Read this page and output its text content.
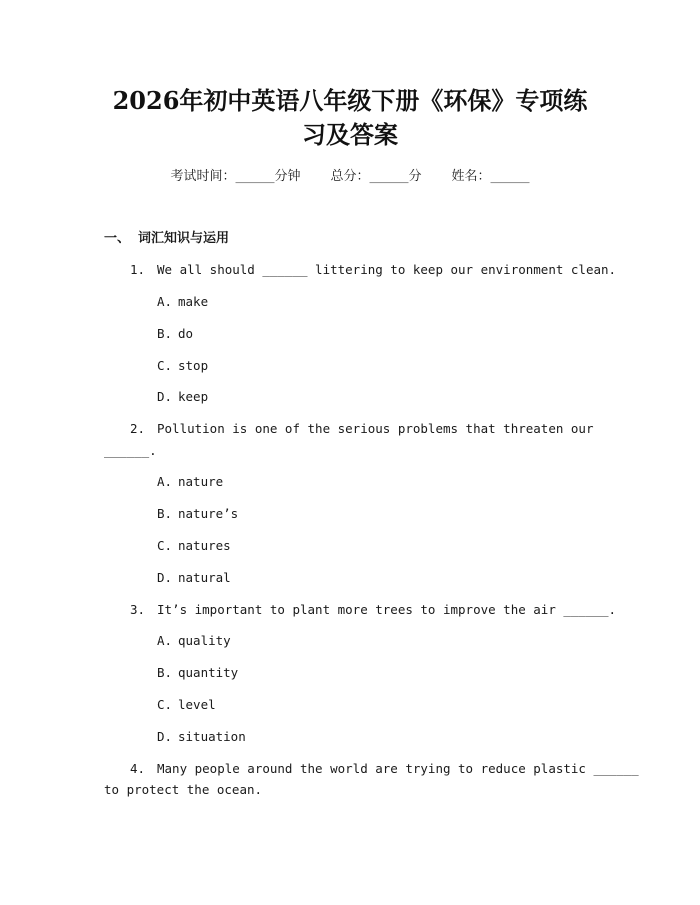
2026年初中英语八年级下册《环保》专项练
习及答案
考试时间：______分钟 总分：______分 姓名：______
一、 词汇知识与运用
1. We all should ______ littering to keep our environment clean.
A. make
B. do
C. stop
D. keep
2. Pollution is one of the serious problems that threaten our
______.
A. nature
B. nature’s
C. natures
D. natural
3. It’s important to plant more trees to improve the air ______.
A. quality
B. quantity
C. level
D. situation
4. Many people around the world are trying to reduce plastic ______
to protect the ocean.
